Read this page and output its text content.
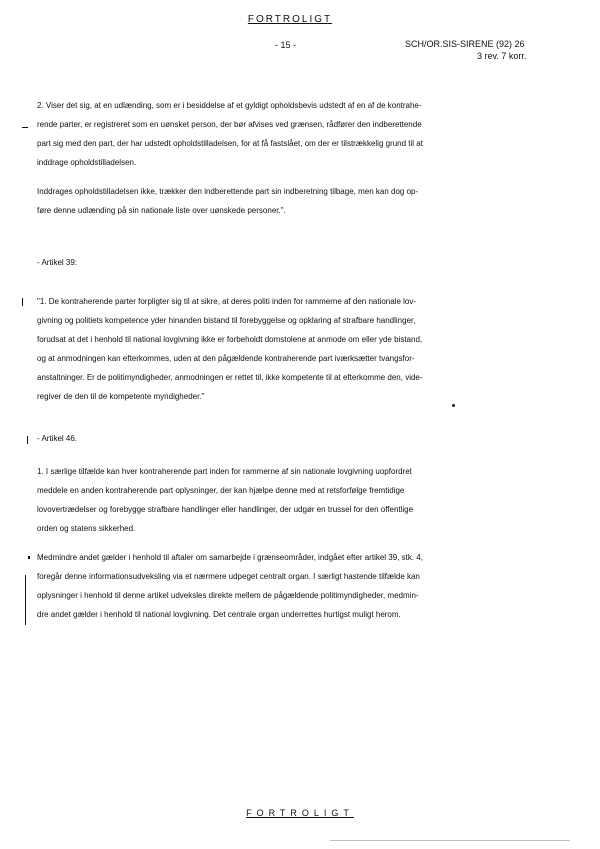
FORTROLIGT
- 15 -	SCH/OR.SIS-SIRENE (92) 26
3 rev. 7 korr.
2. Viser det sig, at en udlænding, som er i besiddelse af et gyldigt opholdsbevis udstedt af en af de kontrahe-
rende parter, er registreret som en uønsket person, der bør afvises ved grænsen, rådfører den indberettende
part sig med den part, der har udstedt opholdstilladelsen, for at få fastslået, om der er tilstrækkelig grund til at
inddrage opholdstilladelsen.
Inddrages opholdstilladelsen ikke, trækker den indberettende part sin indberetning tilbage, men kan dog op-
føre denne udlænding på sin nationale liste over uønskede personer.".
- Artikel 39:
"1. De kontraherende parter forpligter sig til at sikre, at deres politi inden for rammerne af den nationale lov-
givning og politiets kompetence yder hinanden bistand til forebyggelse og opklaring af strafbare handlinger,
forudsat at det i henhold til national lovgivning ikke er forbeholdt domstolene at anmode om eller yde bistand,
og at anmodningen kan efterkommes, uden at den pågældende kontraherende part iværksætter tvangsfor-
anstaltninger. Er de politimyndigheder, anmodningen er rettet til, ikke kompetente til at efterkomme den, vide-
regiver de den til de kompetente myndigheder."
- Artikel 46.
1. I særlige tilfælde kan hver kontraherende part inden for rammerne af sin nationale lovgivning uopfordret
meddele en anden kontraherende part oplysninger, der kan hjælpe denne med at retsforfølge fremtidige
lovovertrædelser og forebygge strafbare handlinger eller handlinger, der udgør en trussel for den offentlige
orden og statens sikkerhed.
Medmindre andet gælder i henhold til aftaler om samarbejde i grænseområder, indgået efter artikel 39, stk. 4,
foregår denne informationsudveksling via et nærmere udpeget centralt organ. I særligt hastende tilfælde kan
oplysninger i henhold til denne artikel udveksles direkte mellem de pågældende politimyndigheder, medmin-
dre andet gælder i henhold til national lovgivning. Det centrale organ underrettes hurtigst muligt herom.
FORTROLIGT
